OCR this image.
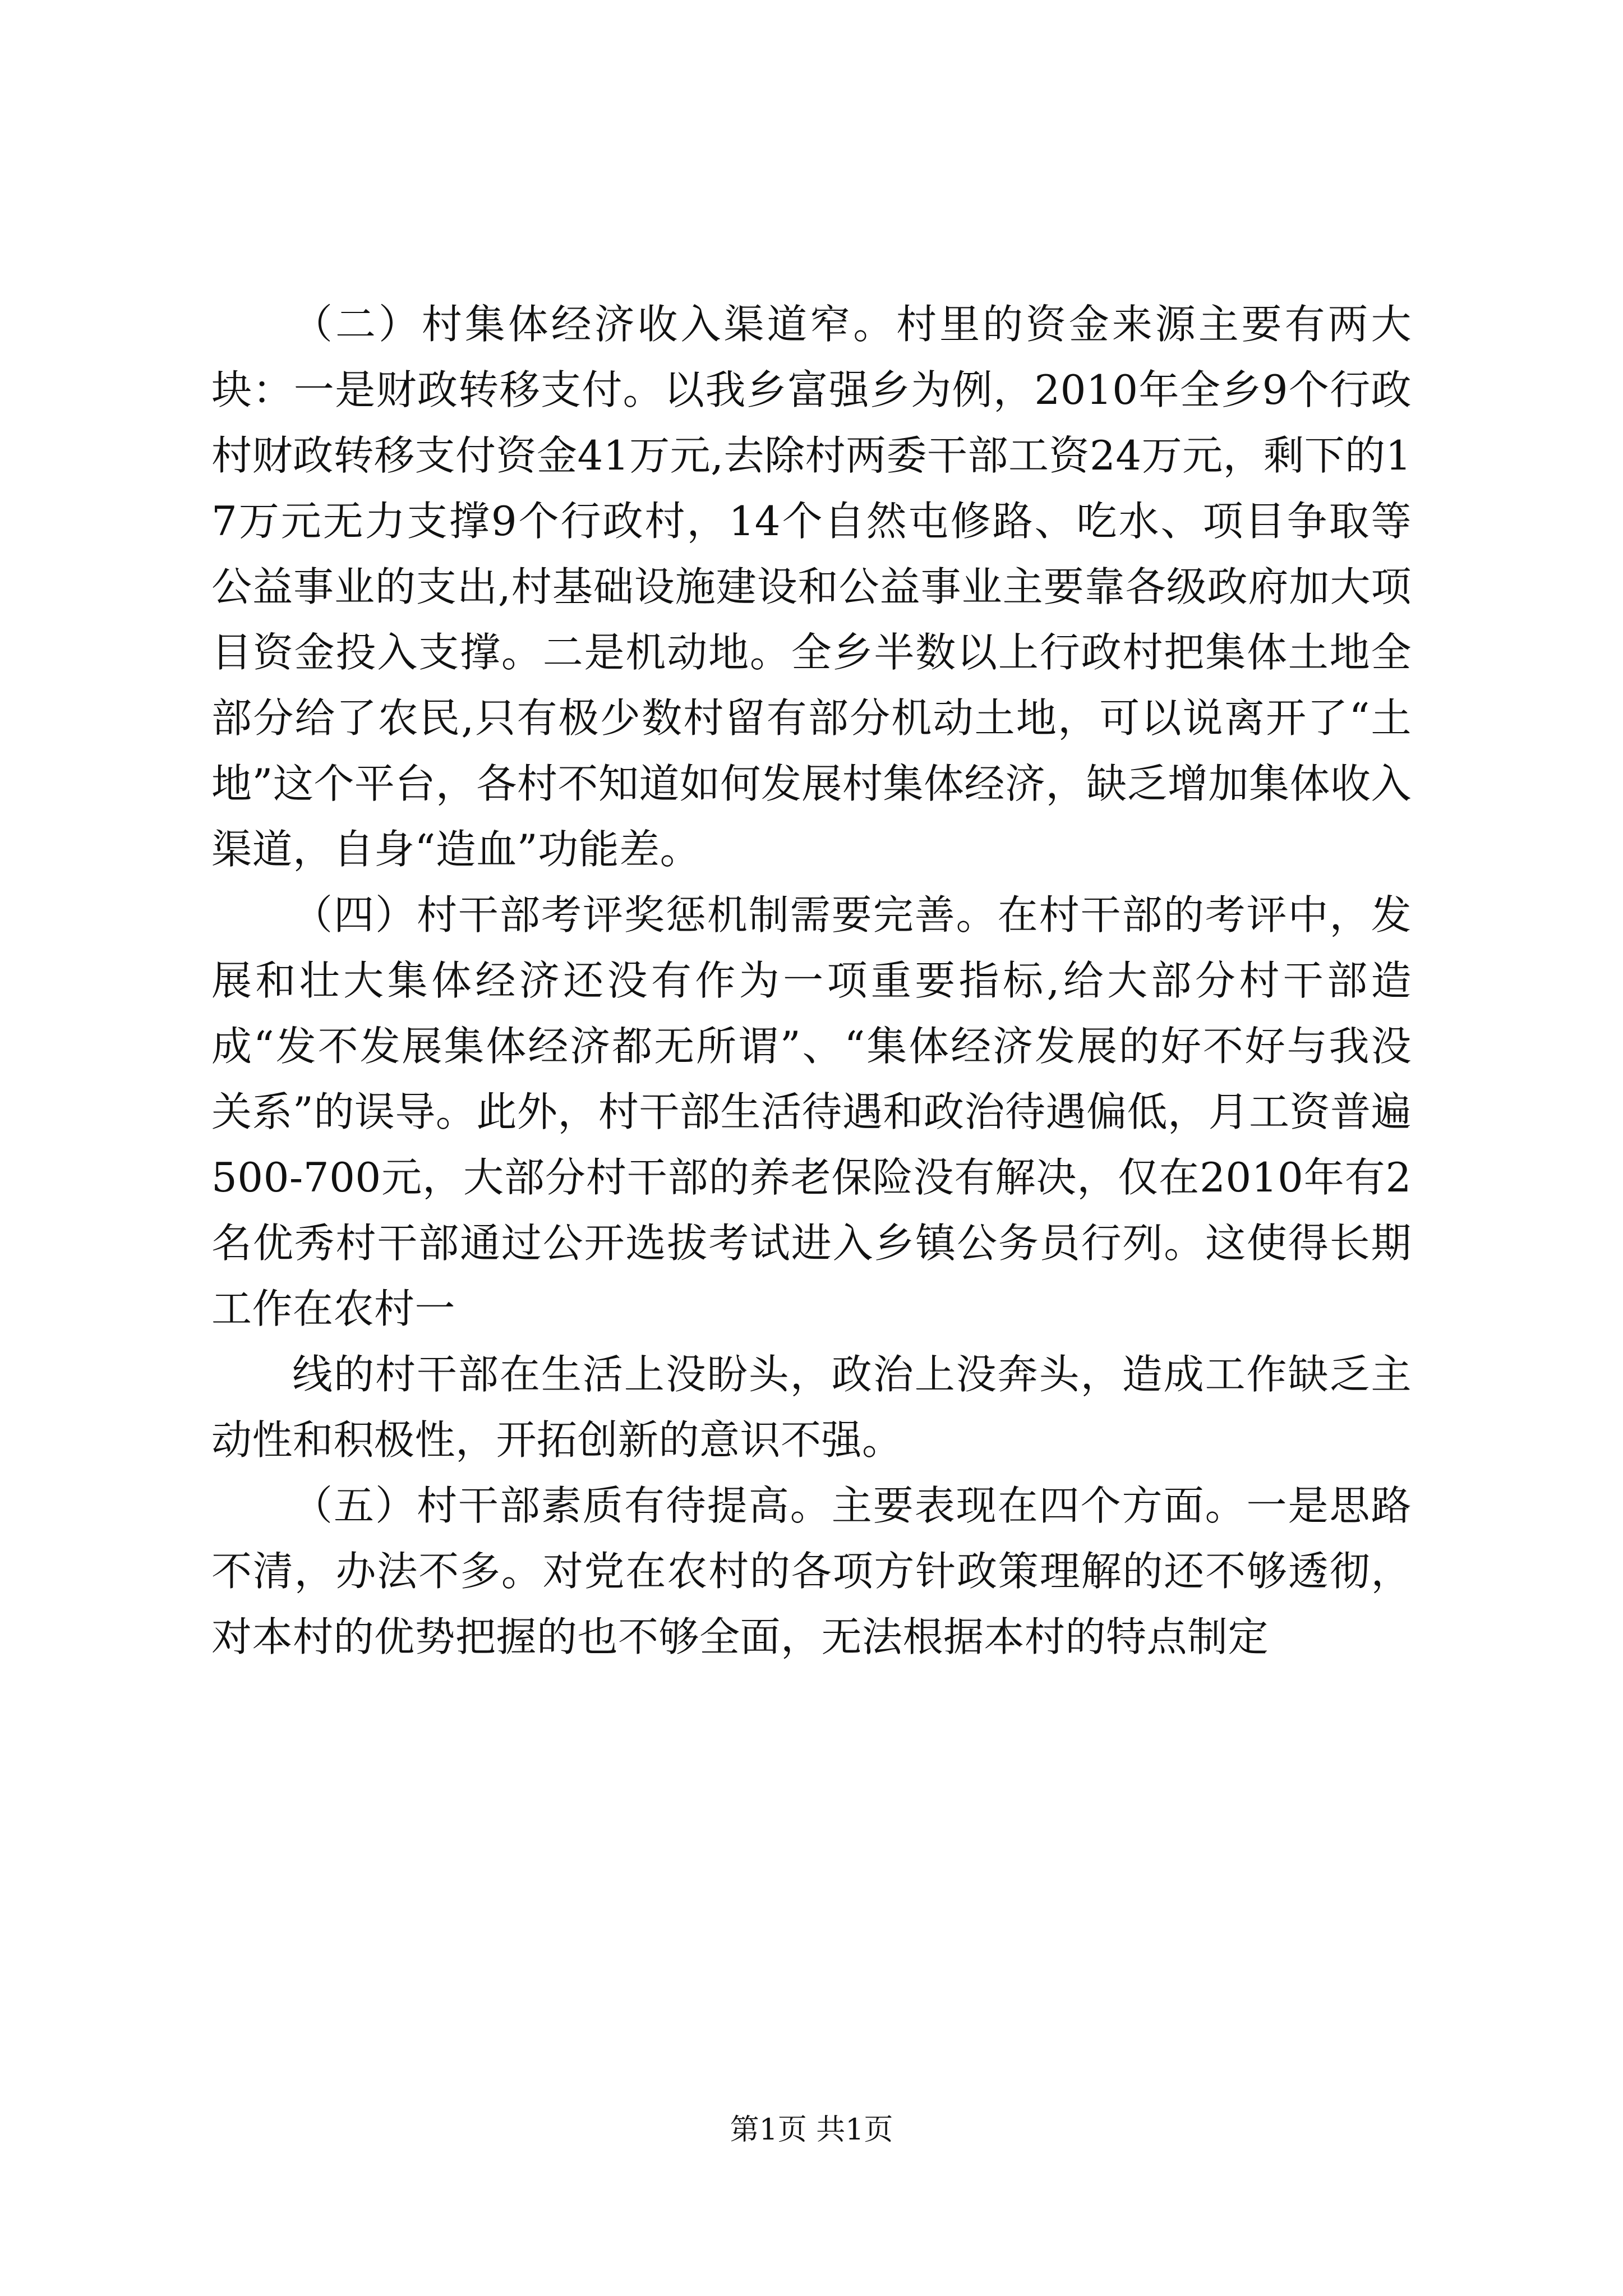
（二）村集体经济收入渠道窄。村里的资金来源主要有两大块：一是财政转移支付。以我乡富强乡为例，2010年全乡9个行政村财政转移支付资金41万元,去除村两委干部工资24万元，剩下的17万元无力支撑9个行政村，14个自然屯修路、吃水、项目争取等公益事业的支出,村基础设施建设和公益事业主要靠各级政府加大项目资金投入支撑。二是机动地。全乡半数以上行政村把集体土地全部分给了农民,只有极少数村留有部分机动土地，可以说离开了“土地”这个平台，各村不知道如何发展村集体经济，缺乏增加集体收入渠道，自身“造血”功能差。

（四）村干部考评奖惩机制需要完善。在村干部的考评中，发展和壮大集体经济还没有作为一项重要指标,给大部分村干部造成“发不发展集体经济都无所谓”、“集体经济发展的好不好与我没关系”的误导。此外，村干部生活待遇和政治待遇偏低，月工资普遍500-700元，大部分村干部的养老保险没有解决，仅在2010年有2名优秀村干部通过公开选拔考试进入乡镇公务员行列。这使得长期工作在农村一

线的村干部在生活上没盼头，政治上没奔头，造成工作缺乏主动性和积极性，开拓创新的意识不强。

（五）村干部素质有待提高。主要表现在四个方面。一是思路不清，办法不多。对党在农村的各项方针政策理解的还不够透彻，对本村的优势把握的也不够全面，无法根据本村的特点制定

第1页 共1页
